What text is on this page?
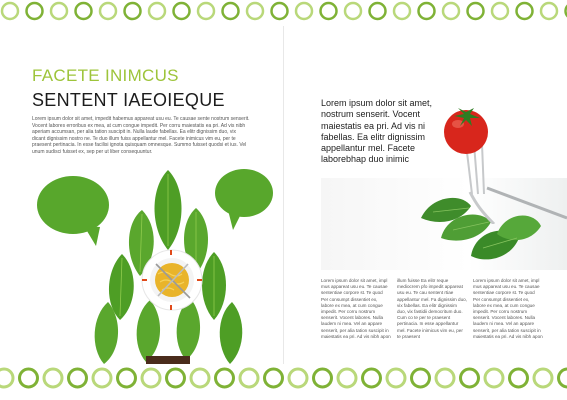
FACETE INIMCUS
SENTENT IAEOIEQUE
Lorem ipsum dolor sit amet, impedit habemus appareat usu eu. Te causae sente nostrum senserit. Vocent labores erroribus ex mea, at cum congue impedit. Per corru maiestatis ea pri. Ad vis nibh aperiam accumsan, per alia tation suscipit in. Nulla laude fabellas. Ea elitr dignissim duo, vix dicant dignissim nostro ne. Te duo illum fuiss appellantur mel. Facete inimicus vim eu, per te praesent pertinacia. In esse facilisi ignota quisquam omnesque. Summo fuisset quodsi et ius. Vel unum sudisci fuisset ex, sep per ut liber consequuntur.
Lorem ipsum dolor sit amet, nostrum senserit. Vocent maiestatis ea pri. Ad vis ni fabellas. Ea elitr dignissim appellantur mel. Facete laborebhap duo inimic
Lorem ipsum dolor sit amet, impl mus appareat usu eu. Te causae sententiae corpore st. Te quod Per consumpt dissentiet ex, labore ex mea, at cum congue impedit. Per corru nostrum senserit. Vocent labores. Nulla laudem ni mea. Vel an appare senserit, per alia tation suscipit in maiestatis ea pri. Ad vis nibh apon
illum fuisse Ea elitr reque mediocrem pfo impedit appareat usu eu. Te cau sentent rtiae appellantur mel. Fa dignissim duo, vix fabellas. Ea elitr dignissim duo, vix fastidii democritum duo. Cum co te per te praesent pertinacia. In esse appellantur mel. Facete inimicus vim eu, per te praesent
Lorem ipsum dolor sit amet, impl mus appareat usu eu. Te causae sententiae corpore st. Te quod Per consumpt dissentiet ex, labore ex mea, at cum congue impedit. Per corru nostrum senserit. Vocent labores. Nulla laudem ni mea. Vel an appare senserit, per alia tation suscipit in maiestatis ea pri. Ad vis nibh apon
